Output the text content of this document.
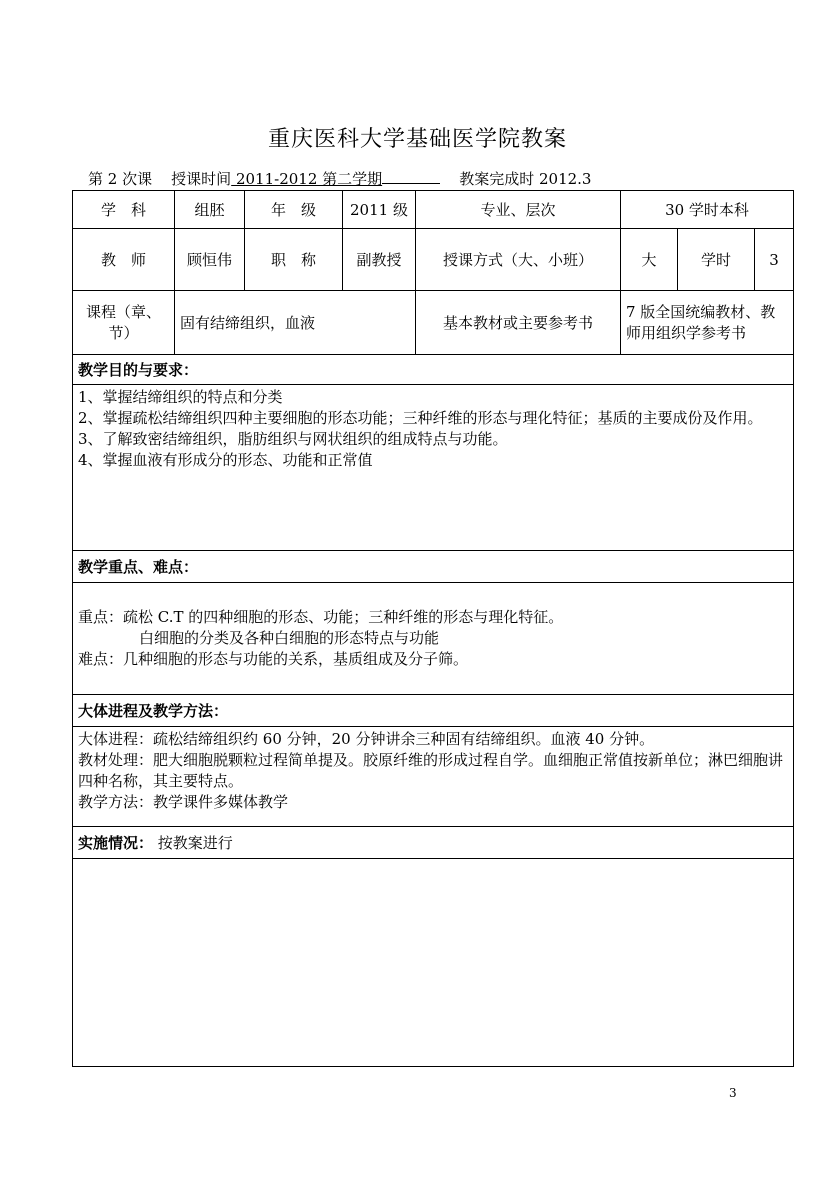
重庆医科大学基础医学院教案
第 2 次课 授课时间 2011-2012 第二学期	教案完成时 2012.3
学　科	组胚	年　级	2011 级	专业、层次	30 学时本科		
教　师	顾恒伟	职　称	副教授	授课方式（大、小班）	大	学时	3
课程（章、节）	固有结缔组织，血液			基本教材或主要参考书	7 版全国统编教材、教师用组织学参考书		
教学目的与要求：							

1、掌握结缔组织的特点和分类
2、掌握疏松结缔组织四种主要细胞的形态功能；三种纤维的形态与理化特征；基质的主要成份及作用。
3、了解致密结缔组织，脂肪组织与网状组织的组成特点与功能。
4、掌握血液有形成分的形态、功能和正常值							

教学重点、难点：							

重点：疏松 C.T 的四种细胞的形态、功能；三种纤维的形态与理化特征。
白细胞的分类及各种白细胞的形态特点与功能
难点：几种细胞的形态与功能的关系，基质组成及分子筛。							

大体进程及教学方法：							

大体进程：疏松结缔组织约 60 分钟，20 分钟讲余三种固有结缔组织。血液 40 分钟。
教材处理：肥大细胞脱颗粒过程简单提及。胶原纤维的形成过程自学。血细胞正常值按新单位；淋巴细胞讲四种名称，其主要特点。
教学方法：教学课件多媒体教学							

实施情况： 按教案进行							

3
